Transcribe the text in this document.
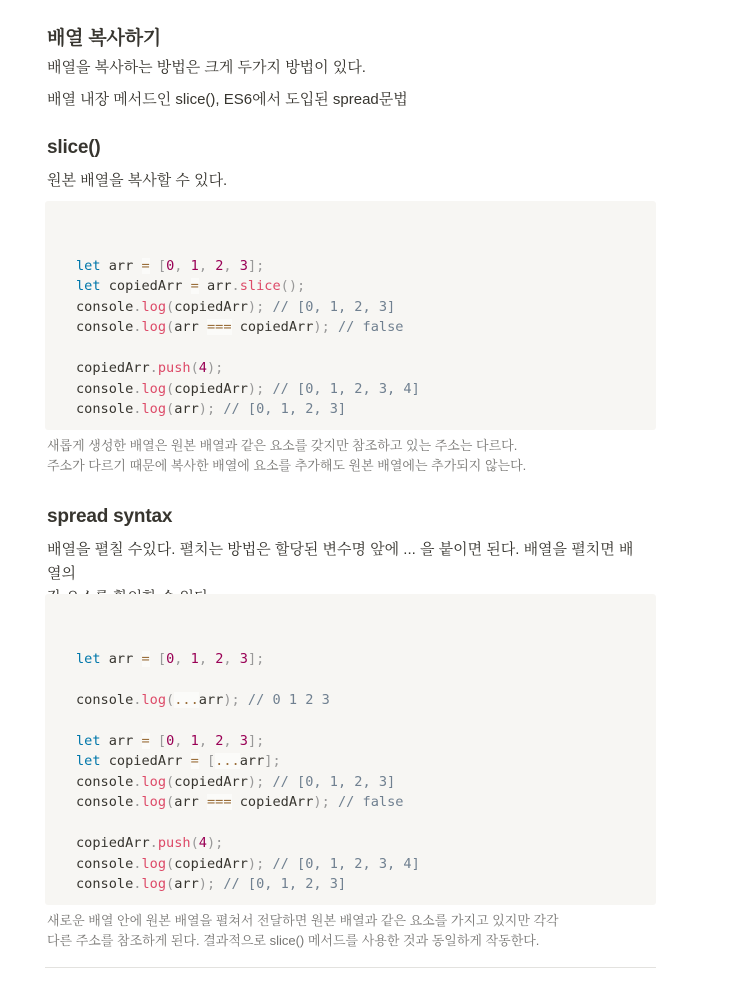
배열 복사하기

배열을 복사하는 방법은 크게 두가지 방법이 있다.

배열 내장 메서드인 slice(), ES6에서 도입된 spread문법

slice()

원본 배열을 복사할 수 있다.

let arr = [0, 1, 2, 3];
let copiedArr = arr.slice();
console.log(copiedArr); // [0, 1, 2, 3]
console.log(arr === copiedArr); // false
copiedArr.push(4);
console.log(copiedArr); // [0, 1, 2, 3, 4]
console.log(arr); // [0, 1, 2, 3]
새롭게 생성한 배열은 원본 배열과 같은 요소를 갖지만 참조하고 있는 주소는 다르다.
주소가 다르기 때문에 복사한 배열에 요소를 추가해도 원본 배열에는 추가되지 않는다.
spread syntax
배열을 펼칠 수있다. 펼치는 방법은 할당된 변수명 앞에 ... 을 붙이면 된다. 배열을 펼치면 배열의

let arr = [0, 1, 2, 3];
console.log(...arr); // 0 1 2 3
let arr = [0, 1, 2, 3];
let copiedArr = [...arr];
console.log(copiedArr); // [0, 1, 2, 3]
console.log(arr === copiedArr); // false
copiedArr.push(4);
console.log(copiedArr); // [0, 1, 2, 3, 4]
console.log(arr); // [0, 1, 2, 3]
새로운 배열 안에 원본 배열을 펼쳐서 전달하면 원본 배열과 같은 요소를 가지고 있지만 각각
다른 주소를 참조하게 된다. 결과적으로 slice() 메서드를 사용한 것과 동일하게 작동한다.
